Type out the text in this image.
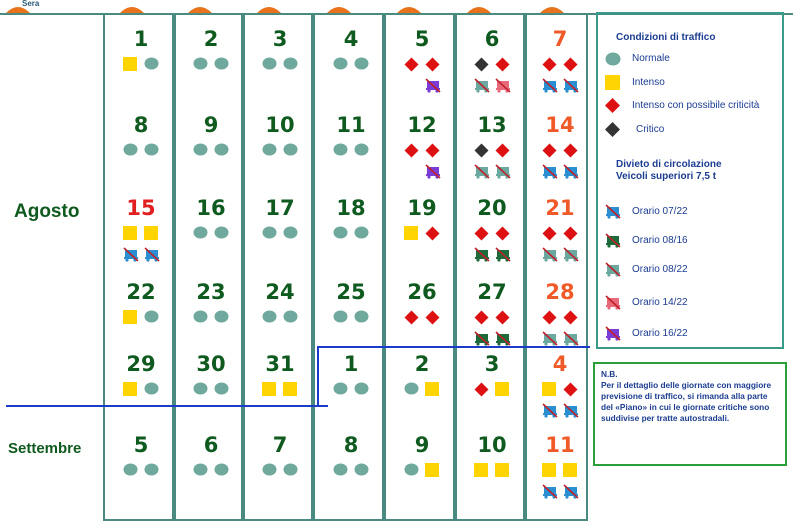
Sera
Agosto
Settembre
1	2	3	4	5	6	7
8	9	10	11	12	13	14
15	16	17	18	19	20	21
22	23	24	25	26	27	28
29	30	31	1	2	3	4
5	6	7	8	9	10	11
Condizioni di traffico
Normale
Intenso
Intenso con possibile criticità
Critico
Divieto di circolazione
Veicoli superiori 7,5 t
Orario 07/22
Orario 08/16
Orario 08/22
Orario 14/22
Orario 16/22
N.B.
Per il dettaglio delle giornate con maggiore previsione di traffico, si rimanda alla parte del «Piano» in cui le giornate critiche sono suddivise per tratte autostradali.
